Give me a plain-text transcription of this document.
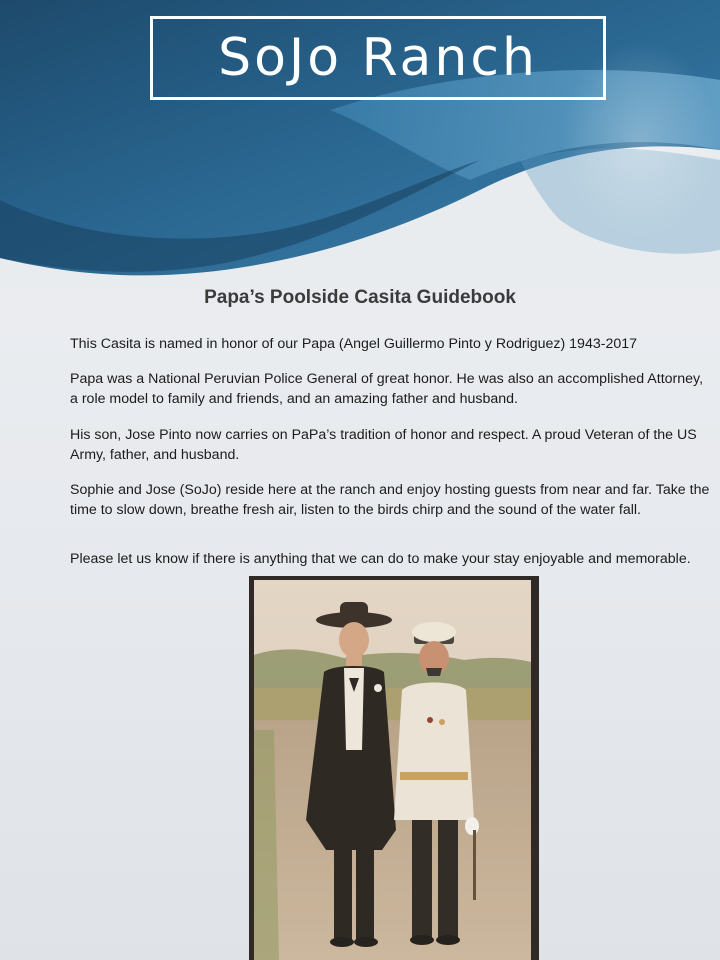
SoJo Ranch
Papa’s Poolside Casita Guidebook

This Casita is named in honor of our Papa (Angel Guillermo Pinto y Rodriguez) 1943-2017

Papa was a National Peruvian Police General of great honor. He was also an accomplished Attorney, a role model to family and friends, and an amazing father and husband.

His son, Jose Pinto now carries on PaPa’s tradition of honor and respect. A proud Veteran of the US Army, father, and husband.

Sophie and Jose (SoJo) reside here at the ranch and enjoy hosting guests from near and far. Take the time to slow down, breathe fresh air, listen to the birds chirp and the sound of the water fall.

Please let us know if there is anything that we can do to make your stay enjoyable and memorable.
